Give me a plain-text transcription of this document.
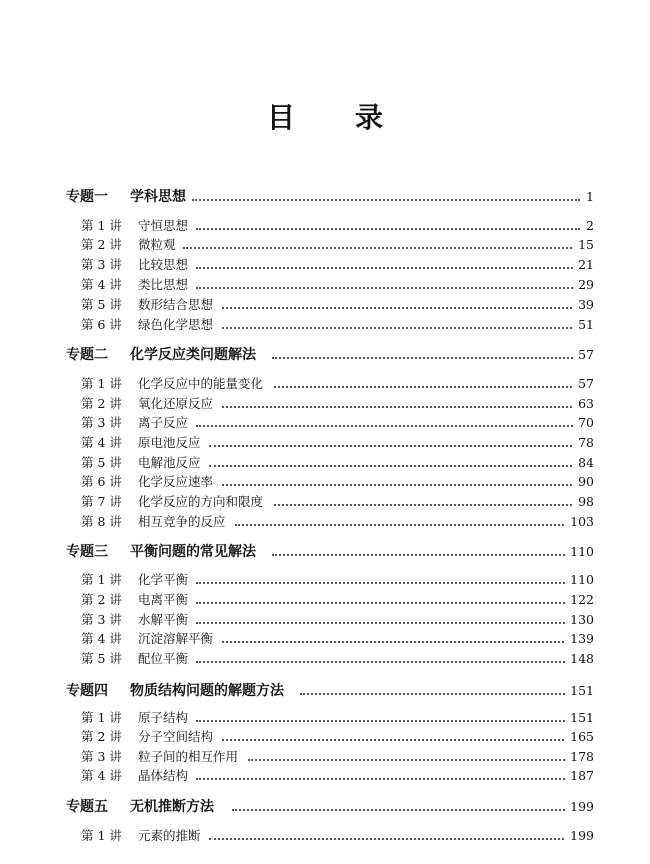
目 录
专题一 学科思想	1
第 1 讲 守恒思想	2
第 2 讲 微粒观	15
第 3 讲 比较思想	21
第 4 讲 类比思想	29
第 5 讲 数形结合思想	39
第 6 讲 绿色化学思想	51
专题二 化学反应类问题解法	57
第 1 讲 化学反应中的能量变化	57
第 2 讲 氧化还原反应	63
第 3 讲 离子反应	70
第 4 讲 原电池反应	78
第 5 讲 电解池反应	84
第 6 讲 化学反应速率	90
第 7 讲 化学反应的方向和限度	98
第 8 讲 相互竞争的反应	103
专题三 平衡问题的常见解法	110
第 1 讲 化学平衡	110
第 2 讲 电离平衡	122
第 3 讲 水解平衡	130
第 4 讲 沉淀溶解平衡	139
第 5 讲 配位平衡	148
专题四 物质结构问题的解题方法	151
第 1 讲 原子结构	151
第 2 讲 分子空间结构	165
第 3 讲 粒子间的相互作用	178
第 4 讲 晶体结构	187
专题五 无机推断方法	199
第 1 讲 元素的推断	199
